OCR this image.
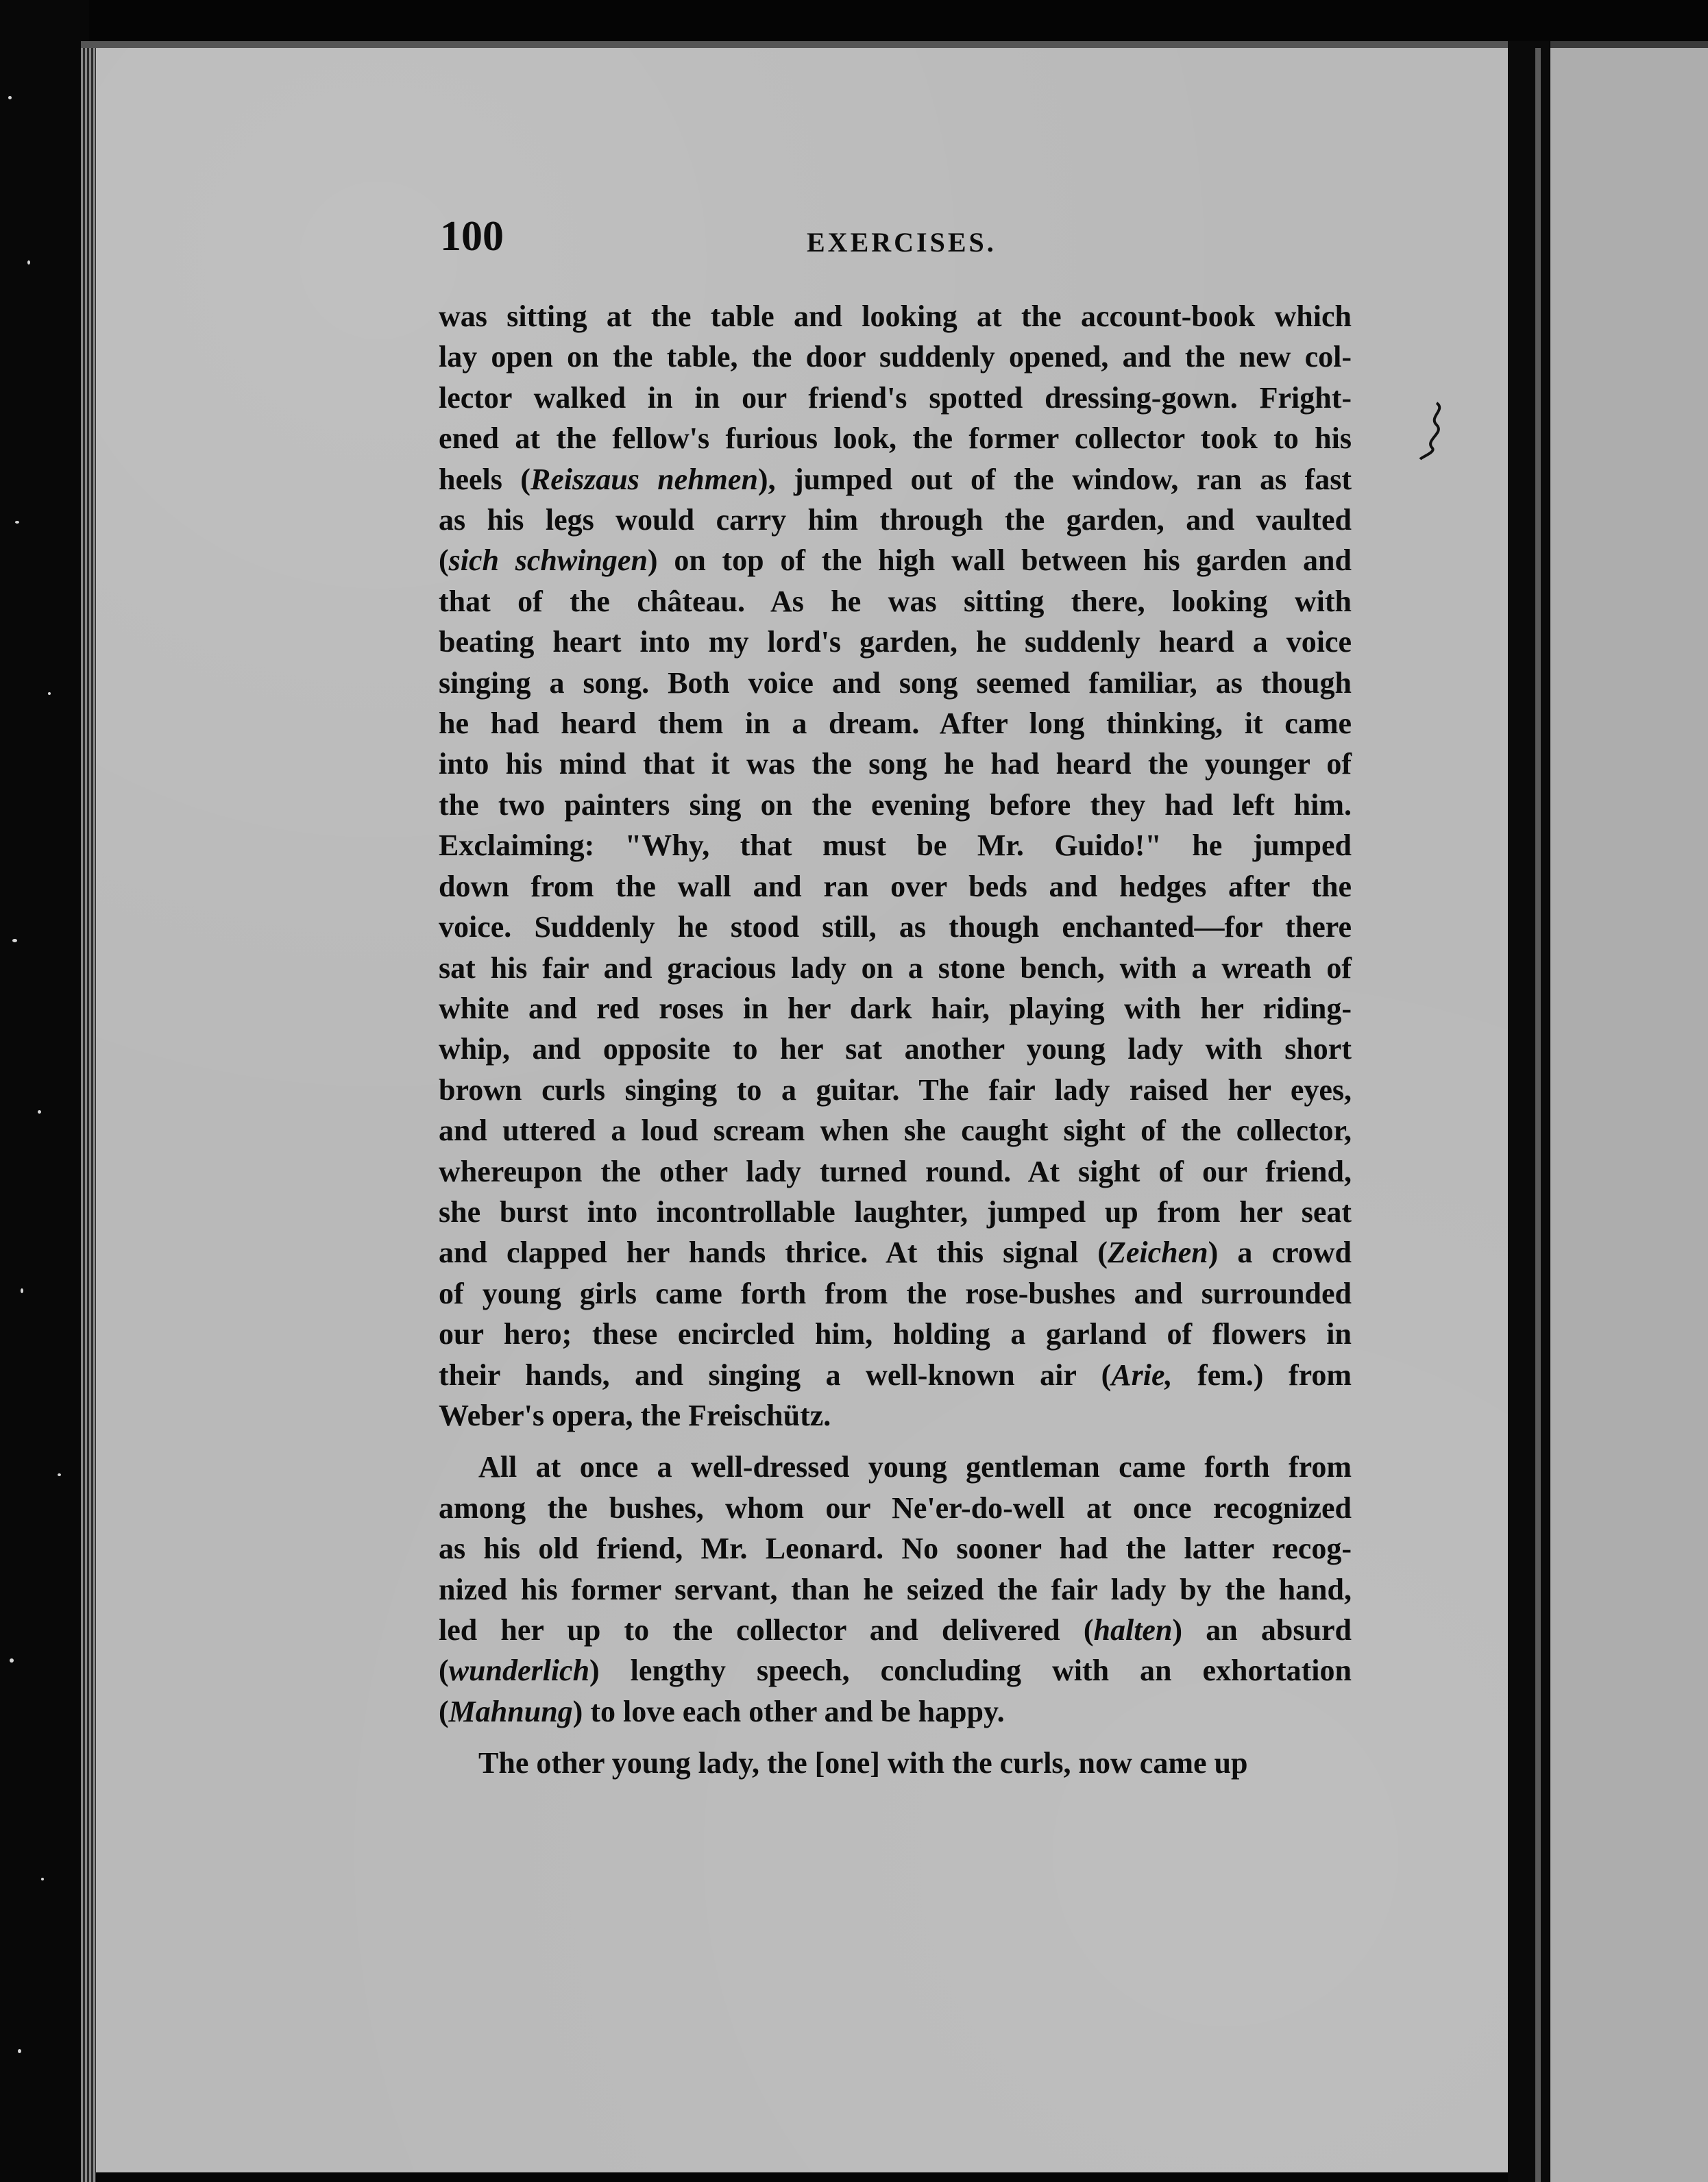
100	EXERCISES.
was sitting at the table and looking at the account-book which
lay open on the table, the door suddenly opened, and the new col-
lector walked in in our friend's spotted dressing-gown. Fright-
ened at the fellow's furious look, the former collector took to his
heels (Reiszaus nehmen), jumped out of the window, ran as fast
as his legs would carry him through the garden, and vaulted
(sich schwingen) on top of the high wall between his garden and
that of the château. As he was sitting there, looking with
beating heart into my lord's garden, he suddenly heard a voice
singing a song. Both voice and song seemed familiar, as though
he had heard them in a dream. After long thinking, it came
into his mind that it was the song he had heard the younger of
the two painters sing on the evening before they had left him.
Exclaiming: "Why, that must be Mr. Guido!" he jumped
down from the wall and ran over beds and hedges after the
voice. Suddenly he stood still, as though enchanted—for there
sat his fair and gracious lady on a stone bench, with a wreath of
white and red roses in her dark hair, playing with her riding-
whip, and opposite to her sat another young lady with short
brown curls singing to a guitar. The fair lady raised her eyes,
and uttered a loud scream when she caught sight of the collector,
whereupon the other lady turned round. At sight of our friend,
she burst into incontrollable laughter, jumped up from her seat
and clapped her hands thrice. At this signal (Zeichen) a crowd
of young girls came forth from the rose-bushes and surrounded
our hero; these encircled him, holding a garland of flowers in
their hands, and singing a well-known air (Arie, fem.) from
Weber's opera, the Freischütz.
All at once a well-dressed young gentleman came forth from
among the bushes, whom our Ne'er-do-well at once recognized
as his old friend, Mr. Leonard. No sooner had the latter recog-
nized his former servant, than he seized the fair lady by the hand,
led her up to the collector and delivered (halten) an absurd
(wunderlich) lengthy speech, concluding with an exhortation
(Mahnung) to love each other and be happy.
The other young lady, the [one] with the curls, now came up
